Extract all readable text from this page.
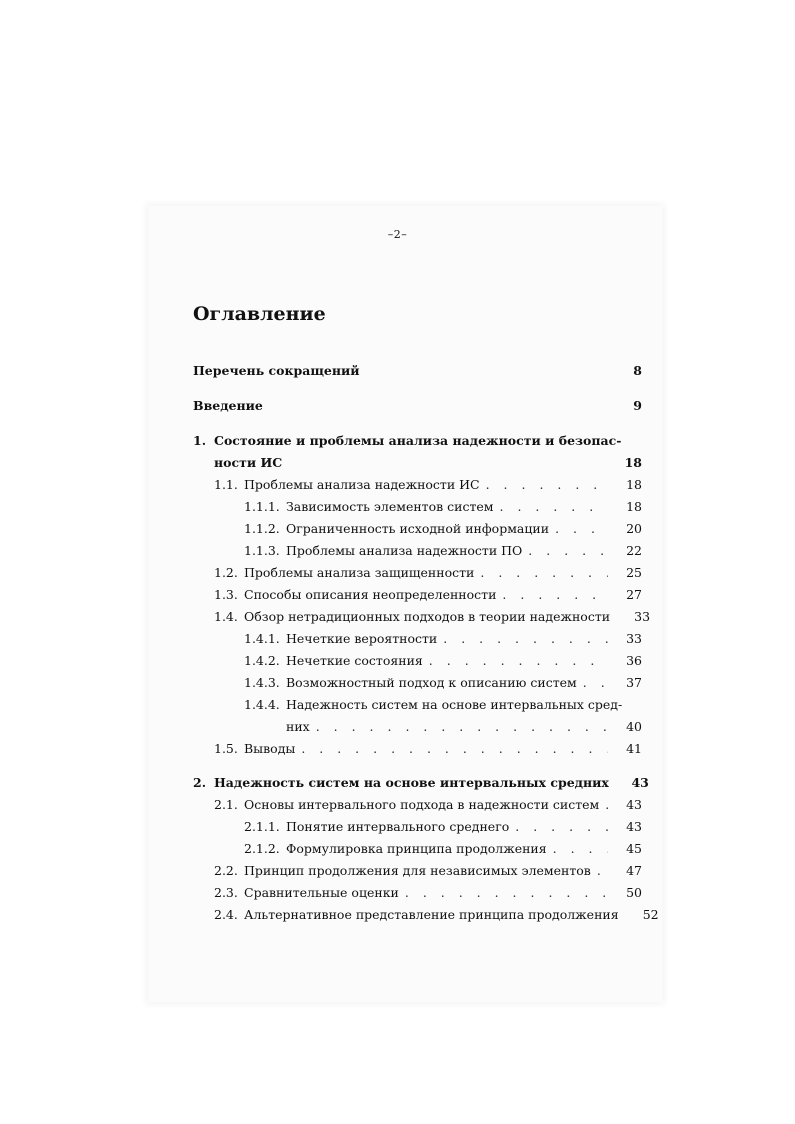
–2–
Оглавление
Перечень сокращений	8
Введение	9
1. Состояние и проблемы анализа надежности и безопас-
ности ИС	18
1.1. Проблемы анализа надежности ИС . . .	18
1.1.1. Зависимость элементов систем . . .	18
1.1.2. Ограниченность исходной информации . . .	20
1.1.3. Проблемы анализа надежности ПО . . .	22
1.2. Проблемы анализа защищенности . . .	25
1.3. Способы описания неопределенности . . .	27
1.4. Обзор нетрадиционных подходов в теории надежности . . .	33
1.4.1. Нечеткие вероятности . . .	33
1.4.2. Нечеткие состояния . . .	36
1.4.3. Возможностный подход к описанию систем . . .	37
1.4.4. Надежность систем на основе интервальных сред-
них . . .	40
1.5. Выводы . . .	41
2. Надежность систем на основе интервальных средних	43
2.1. Основы интервального подхода в надежности систем . . .	43
2.1.1. Понятие интервального среднего . . .	43
2.1.2. Формулировка принципа продолжения . . .	45
2.2. Принцип продолжения для независимых элементов . . .	47
2.3. Сравнительные оценки . . .	50
2.4. Альтернативное представление принципа продолжения	52
